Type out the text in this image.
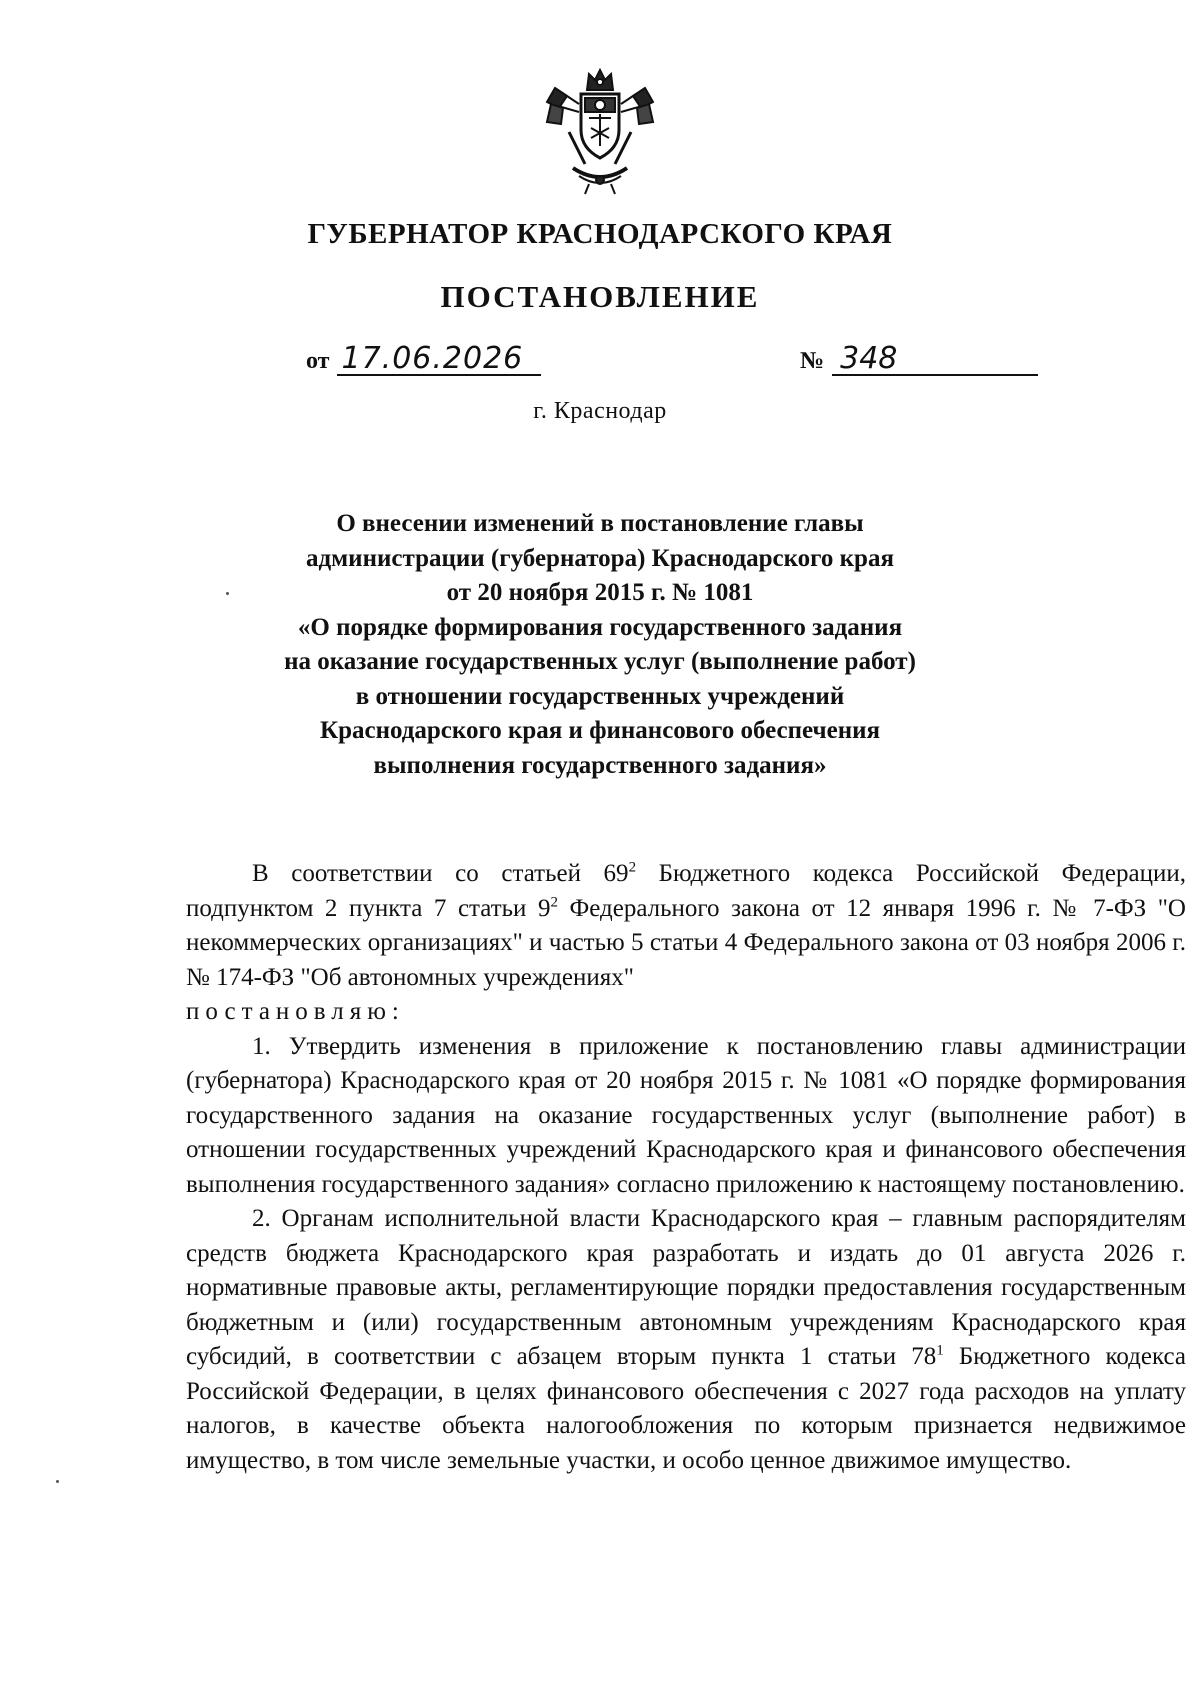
ГУБЕРНАТОР КРАСНОДАРСКОГО КРАЯ
ПОСТАНОВЛЕНИЕ
от 17.06.2026	№ 348
г. Краснодар
О внесении изменений в постановление главы
администрации (губернатора) Краснодарского края
от 20 ноября 2015 г. № 1081
«О порядке формирования государственного задания
на оказание государственных услуг (выполнение работ)
в отношении государственных учреждений
Краснодарского края и финансового обеспечения
выполнения государственного задания»

В соответствии со статьей $69^2$ Бюджетного кодекса Российской Федерации, подпунктом 2 пункта 7 статьи $9^2$ Федерального закона от 12 января 1996 г. № 7-ФЗ "О некоммерческих организациях" и частью 5 статьи 4 Федерального закона от 03 ноября 2006 г. № 174-ФЗ "Об автономных учреждениях"

постановляю:

1. Утвердить изменения в приложение к постановлению главы администрации (губернатора) Краснодарского края от 20 ноября 2015 г. № 1081 «О порядке формирования государственного задания на оказание государственных услуг (выполнение работ) в отношении государственных учреждений Краснодарского края и финансового обеспечения выполнения государственного задания» согласно приложению к настоящему постановлению.

2. Органам исполнительной власти Краснодарского края – главным распорядителям средств бюджета Краснодарского края разработать и издать до 01 августа 2026 г. нормативные правовые акты, регламентирующие порядки предоставления государственным бюджетным и (или) государственным автономным учреждениям Краснодарского края субсидий, в соответствии с абзацем вторым пункта 1 статьи $78^1$ Бюджетного кодекса Российской Федерации, в целях финансового обеспечения с 2027 года расходов на уплату налогов, в качестве объекта налогообложения по которым признается недвижимое имущество, в том числе земельные участки, и особо ценное движимое имущество.
